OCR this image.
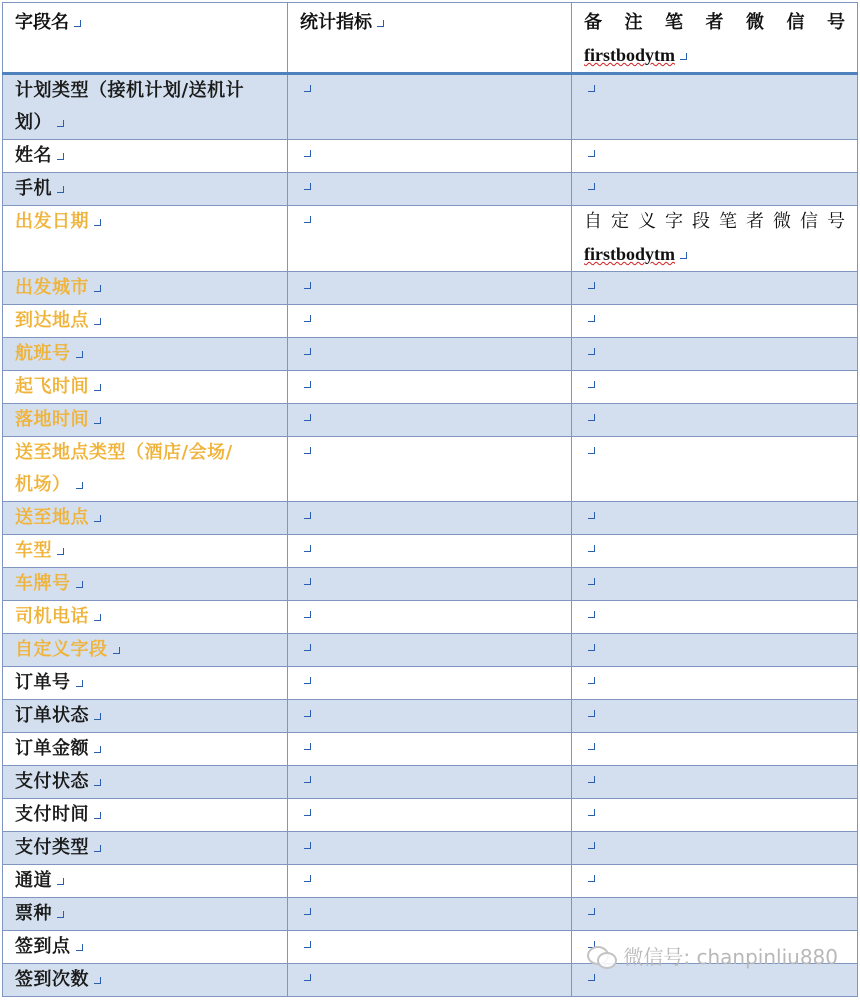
字段名	统计指标	备 注 笔 者 微 信 号
firstbodytm
计划类型（接机计划/送机计
划）		
姓名		
手机		
出发日期		自定义字段笔者微信号
firstbodytm
出发城市		
到达地点		
航班号		
起飞时间		
落地时间		
送至地点类型（酒店/会场/
机场）		
送至地点		
车型		
车牌号		
司机电话		
自定义字段		
订单号		
订单状态		
订单金额		
支付状态		
支付时间		
支付类型		
通道		
票种		
签到点		
签到次数		
微信号: chanpinliu880
